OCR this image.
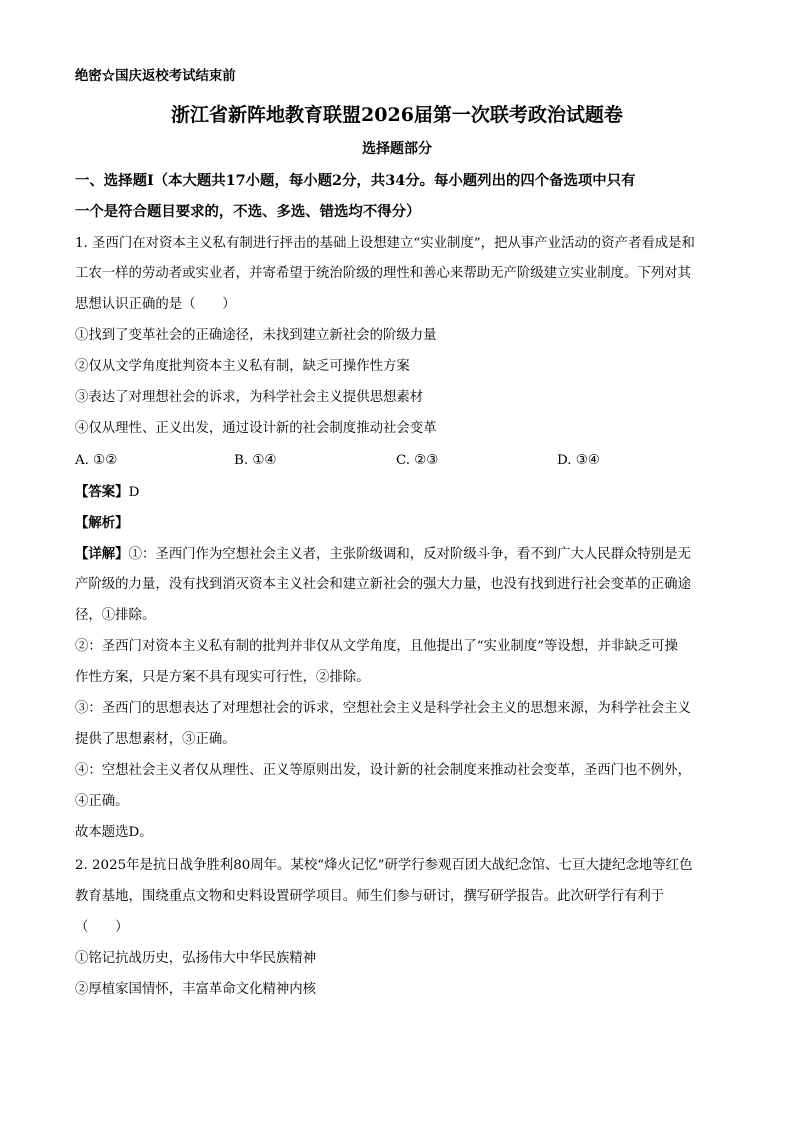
绝密☆国庆返校考试结束前
浙江省新阵地教育联盟2026届第一次联考政治试题卷
选择题部分
一、选择题Ⅰ（本大题共17小题，每小题2分，共34分。每小题列出的四个备选项中只有
一个是符合题目要求的，不选、多选、错选均不得分）
1. 圣西门在对资本主义私有制进行抨击的基础上设想建立“实业制度”，把从事产业活动的资产者看成是和
工农一样的劳动者或实业者，并寄希望于统治阶级的理性和善心来帮助无产阶级建立实业制度。下列对其
思想认识正确的是（　　）
①找到了变革社会的正确途径，未找到建立新社会的阶级力量
②仅从文学角度批判资本主义私有制，缺乏可操作性方案
③表达了对理想社会的诉求，为科学社会主义提供思想素材
④仅从理性、正义出发，通过设计新的社会制度推动社会变革
A. ①②	B. ①④	C. ②③	D. ③④
【答案】D
【解析】
【详解】①：圣西门作为空想社会主义者，主张阶级调和，反对阶级斗争，看不到广大人民群众特别是无
产阶级的力量，没有找到消灭资本主义社会和建立新社会的强大力量，也没有找到进行社会变革的正确途
径，①排除。
②：圣西门对资本主义私有制的批判并非仅从文学角度，且他提出了“实业制度”等设想，并非缺乏可操
作性方案，只是方案不具有现实可行性，②排除。
③：圣西门的思想表达了对理想社会的诉求，空想社会主义是科学社会主义的思想来源，为科学社会主义
提供了思想素材，③正确。
④：空想社会主义者仅从理性、正义等原则出发，设计新的社会制度来推动社会变革，圣西门也不例外，
④正确。
故本题选D。
2. 2025年是抗日战争胜利80周年。某校“烽火记忆”研学行参观百团大战纪念馆、七亘大捷纪念地等红色
教育基地，围绕重点文物和史料设置研学项目。师生们参与研讨，撰写研学报告。此次研学行有利于
（　　）
①铭记抗战历史，弘扬伟大中华民族精神
②厚植家国情怀，丰富革命文化精神内核
